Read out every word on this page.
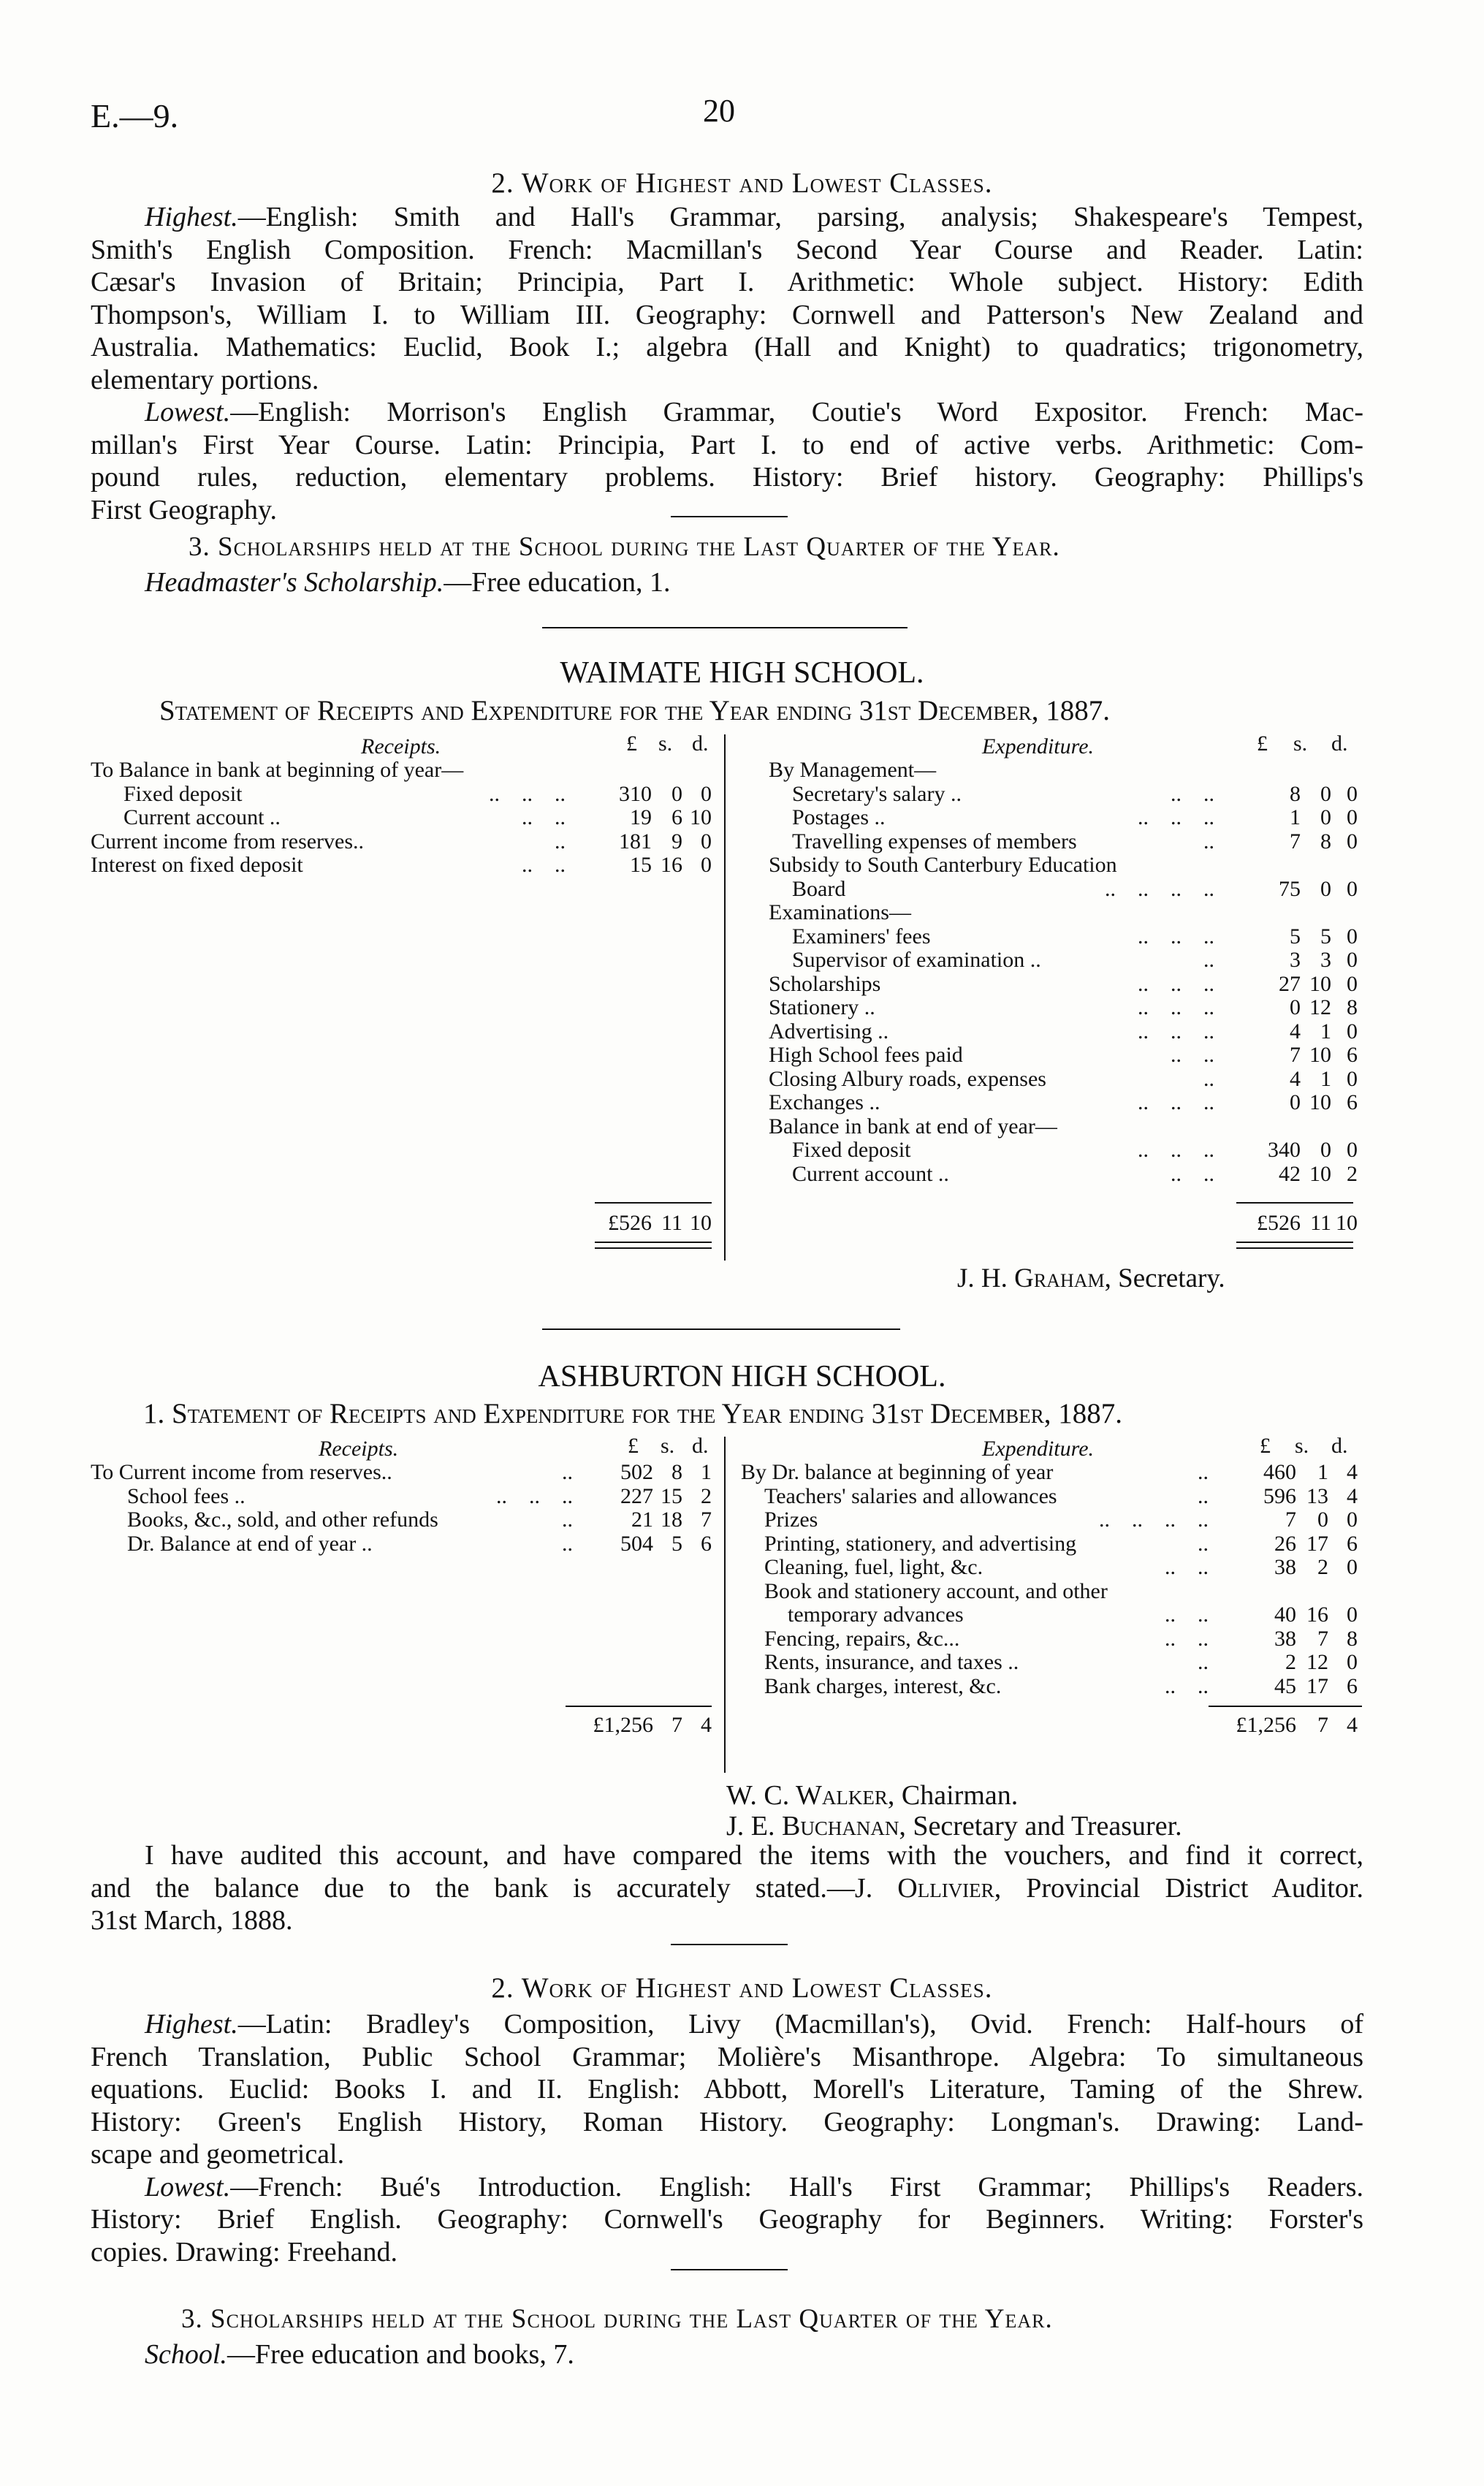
E.—9.	20
2. Work of Highest and Lowest Classes.
Highest.—English: Smith and Hall's Grammar, parsing, analysis; Shakespeare's Tempest,
Smith's English Composition. French: Macmillan's Second Year Course and Reader. Latin:
Cæsar's Invasion of Britain; Principia, Part I. Arithmetic: Whole subject. History: Edith
Thompson's, William I. to William III. Geography: Cornwell and Patterson's New Zealand and
Australia. Mathematics: Euclid, Book I.; algebra (Hall and Knight) to quadratics; trigonometry,
elementary portions.
Lowest.—English: Morrison's English Grammar, Coutie's Word Expositor. French: Mac-
millan's First Year Course. Latin: Principia, Part I. to end of active verbs. Arithmetic: Com-
pound rules, reduction, elementary problems. History: Brief history. Geography: Phillips's
First Geography.
3. Scholarships held at the School during the Last Quarter of the Year.
Headmaster's Scholarship.—Free education, 1.
WAIMATE HIGH SCHOOL.
Statement of Receipts and Expenditure for the Year ending 31st December, 1887.
Receipts.	£ s. d.
To Balance in bank at beginning of year—
Fixed deposit	..    ..    .. 310 0 0
Current account ..	..    ..	19 6 10
Current income from reserves..	.. 181 9 0
Interest on fixed deposit	..    ..	15 16 0
£526 11 10
Expenditure.	£ s. d.
By Management—
Secretary's salary ..	..    ..	8 0 0
Postages ..	..    ..    ..	1 0 0
Travelling expenses of members	..	7 8 0
Subsidy to South Canterbury Education
Board	..    ..    ..    ..	75 0 0
Examinations—
Examiners' fees	..    ..    ..	5 5 0
Supervisor of examination ..	..	3 3 0
Scholarships	..    ..    ..	27 10 0
Stationery ..	..    ..    ..	0 12 8
Advertising ..	..    ..    ..	4 1 0
High School fees paid	..    ..	7 10 6
Closing Albury roads, expenses	..	4 1 0
Exchanges ..	..    ..    ..	0 10 6
Balance in bank at end of year—
Fixed deposit	..    ..    .. 340 0 0
Current account ..	..    ..	42 10 2
£526 11 10
J. H. Graham, Secretary.
ASHBURTON HIGH SCHOOL.
1. Statement of Receipts and Expenditure for the Year ending 31st December, 1887.
Receipts.	£ s. d.
To Current income from reserves..	.. 502 8 1
School fees ..	..    ..    .. 227 15 2
Books, &c., sold, and other refunds	..	21 18 7
Dr. Balance at end of year ..	.. 504 5 6
£1,256 7 4
Expenditure.	£ s. d.
By Dr. balance at beginning of year	..	460 1 4
Teachers' salaries and allowances	..	596 13 4
Prizes	..    ..    ..    ..	7 0 0
Printing, stationery, and advertising	..	26 17 6
Cleaning, fuel, light, &c.	..    ..	38 2 0
Book and stationery account, and other
temporary advances	..    ..	40 16 0
Fencing, repairs, &c...	..    ..	38 7 8
Rents, insurance, and taxes ..	..	2 12 0
Bank charges, interest, &c.	..    ..	45 17 6
£1,256 7 4
W. C. Walker, Chairman.
J. E. Buchanan, Secretary and Treasurer.
I have audited this account, and have compared the items with the vouchers, and find it correct,
and the balance due to the bank is accurately stated.—J. Ollivier, Provincial District Auditor.
31st March, 1888.
2. Work of Highest and Lowest Classes.
Highest.—Latin: Bradley's Composition, Livy (Macmillan's), Ovid. French: Half-hours of
French Translation, Public School Grammar; Molière's Misanthrope. Algebra: To simultaneous
equations. Euclid: Books I. and II. English: Abbott, Morell's Literature, Taming of the Shrew.
History: Green's English History, Roman History. Geography: Longman's. Drawing: Land-
scape and geometrical.
Lowest.—French: Bué's Introduction. English: Hall's First Grammar; Phillips's Readers.
History: Brief English. Geography: Cornwell's Geography for Beginners. Writing: Forster's
copies. Drawing: Freehand.
3. Scholarships held at the School during the Last Quarter of the Year.
School.—Free education and books, 7.
